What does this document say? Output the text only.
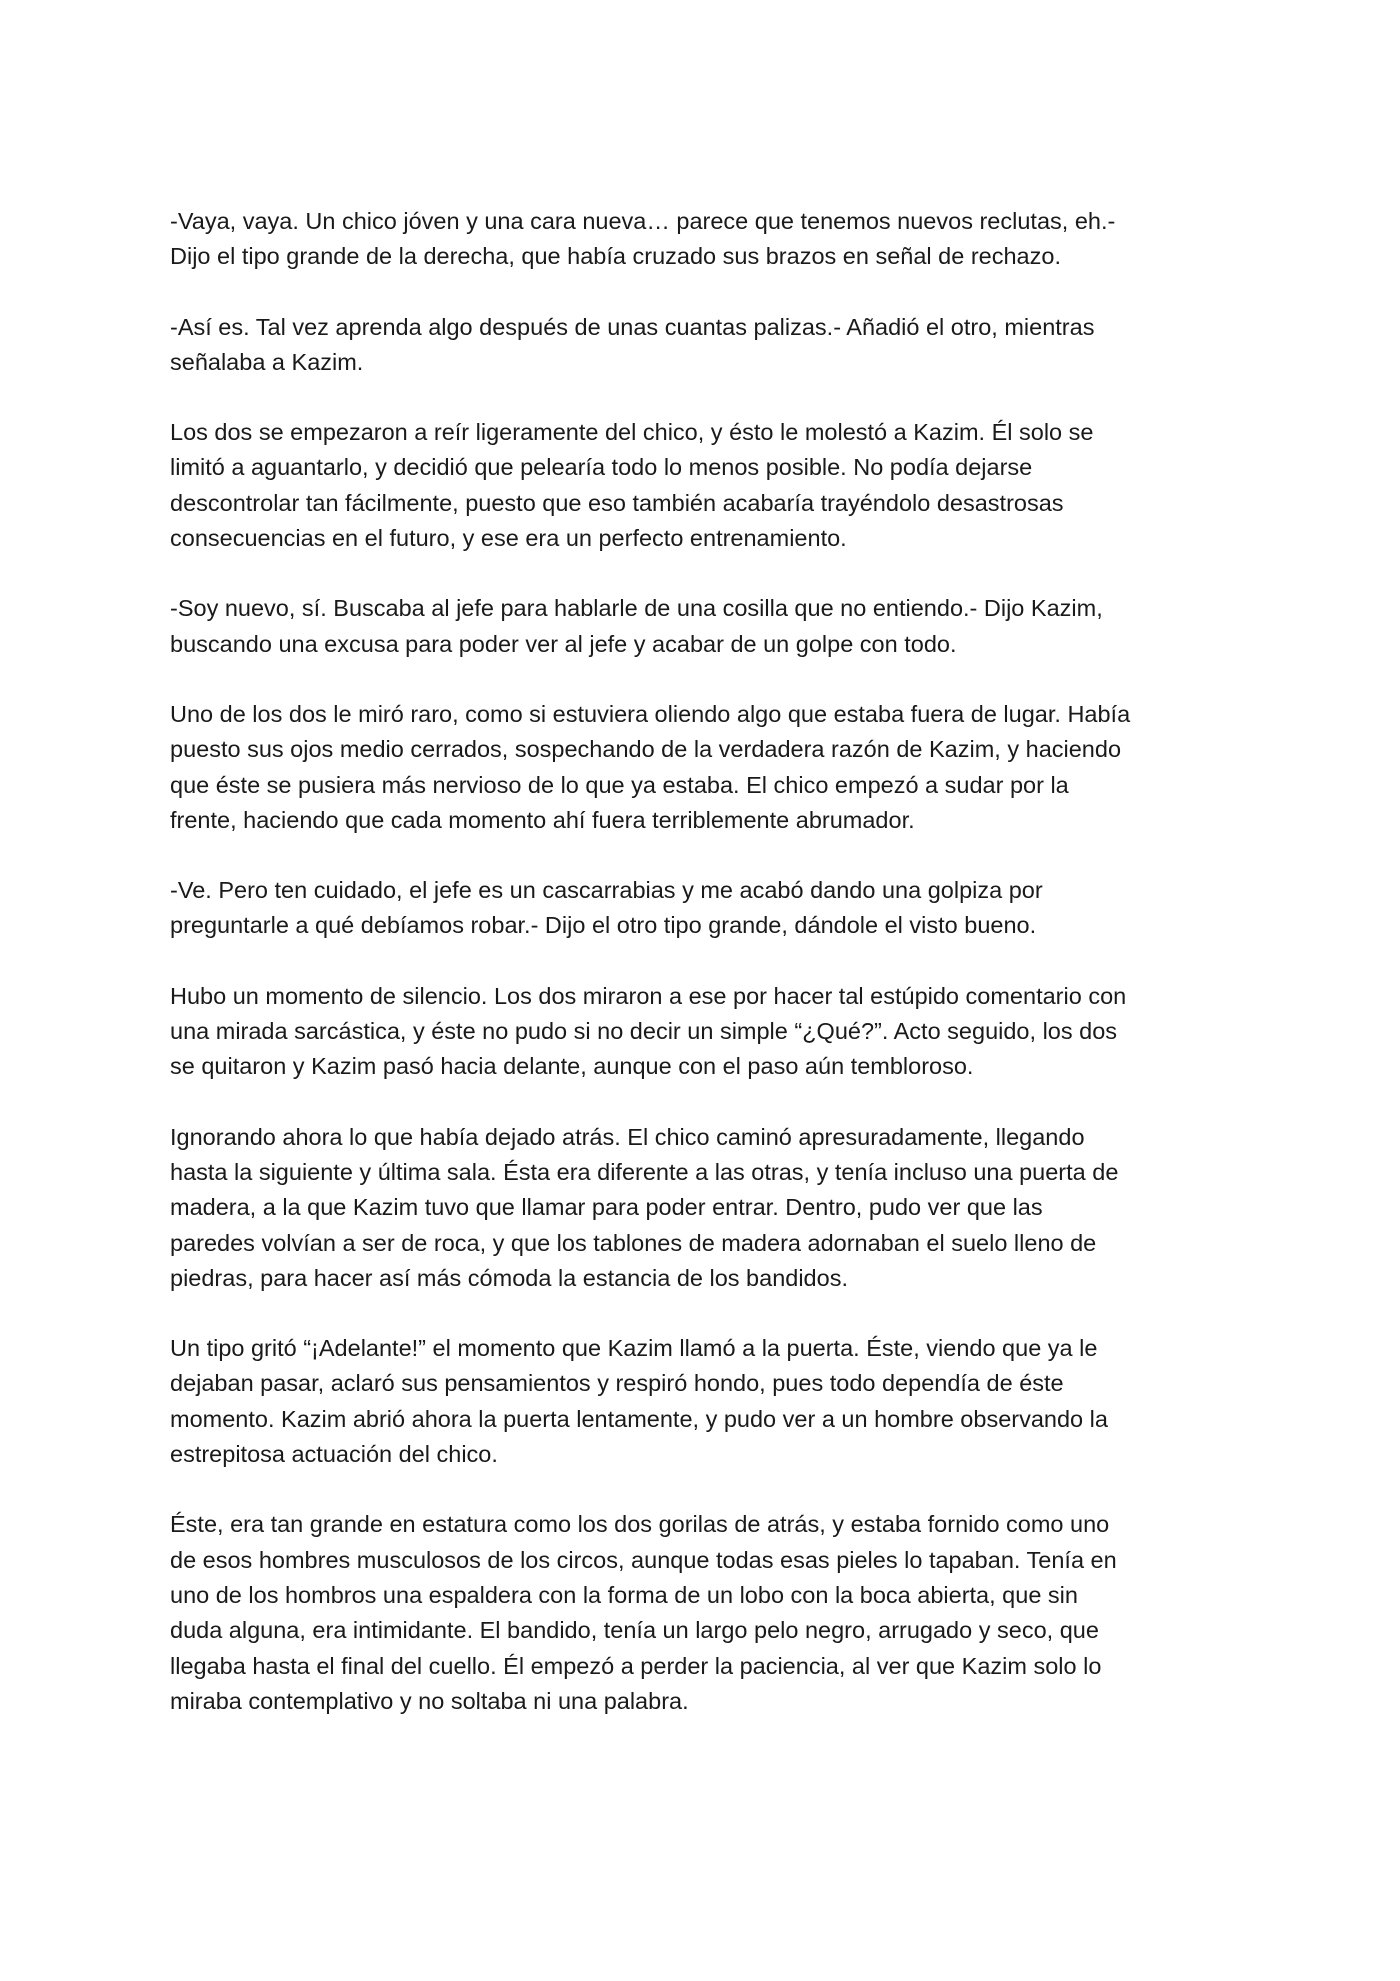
-Vaya, vaya. Un chico jóven y una cara nueva… parece que tenemos nuevos reclutas, eh.-
Dijo el tipo grande de la derecha, que había cruzado sus brazos en señal de rechazo.

-Así es. Tal vez aprenda algo después de unas cuantas palizas.- Añadió el otro, mientras
señalaba a Kazim.

Los dos se empezaron a reír ligeramente del chico, y ésto le molestó a Kazim. Él solo se
limitó a aguantarlo, y decidió que pelearía todo lo menos posible. No podía dejarse
descontrolar tan fácilmente, puesto que eso también acabaría trayéndolo desastrosas
consecuencias en el futuro, y ese era un perfecto entrenamiento.

-Soy nuevo, sí. Buscaba al jefe para hablarle de una cosilla que no entiendo.- Dijo Kazim,
buscando una excusa para poder ver al jefe y acabar de un golpe con todo.

Uno de los dos le miró raro, como si estuviera oliendo algo que estaba fuera de lugar. Había
puesto sus ojos medio cerrados, sospechando de la verdadera razón de Kazim, y haciendo
que éste se pusiera más nervioso de lo que ya estaba. El chico empezó a sudar por la
frente, haciendo que cada momento ahí fuera terriblemente abrumador.

-Ve. Pero ten cuidado, el jefe es un cascarrabias y me acabó dando una golpiza por
preguntarle a qué debíamos robar.- Dijo el otro tipo grande, dándole el visto bueno.

Hubo un momento de silencio. Los dos miraron a ese por hacer tal estúpido comentario con
una mirada sarcástica, y éste no pudo si no decir un simple “¿Qué?”. Acto seguido, los dos
se quitaron y Kazim pasó hacia delante, aunque con el paso aún tembloroso.

Ignorando ahora lo que había dejado atrás. El chico caminó apresuradamente, llegando
hasta la siguiente y última sala. Ésta era diferente a las otras, y tenía incluso una puerta de
madera, a la que Kazim tuvo que llamar para poder entrar. Dentro, pudo ver que las
paredes volvían a ser de roca, y que los tablones de madera adornaban el suelo lleno de
piedras, para hacer así más cómoda la estancia de los bandidos.

Un tipo gritó “¡Adelante!” el momento que Kazim llamó a la puerta. Éste, viendo que ya le
dejaban pasar, aclaró sus pensamientos y respiró hondo, pues todo dependía de éste
momento. Kazim abrió ahora la puerta lentamente, y pudo ver a un hombre observando la
estrepitosa actuación del chico.

Éste, era tan grande en estatura como los dos gorilas de atrás, y estaba fornido como uno
de esos hombres musculosos de los circos, aunque todas esas pieles lo tapaban. Tenía en
uno de los hombros una espaldera con la forma de un lobo con la boca abierta, que sin
duda alguna, era intimidante. El bandido, tenía un largo pelo negro, arrugado y seco, que
llegaba hasta el final del cuello. Él empezó a perder la paciencia, al ver que Kazim solo lo
miraba contemplativo y no soltaba ni una palabra.
